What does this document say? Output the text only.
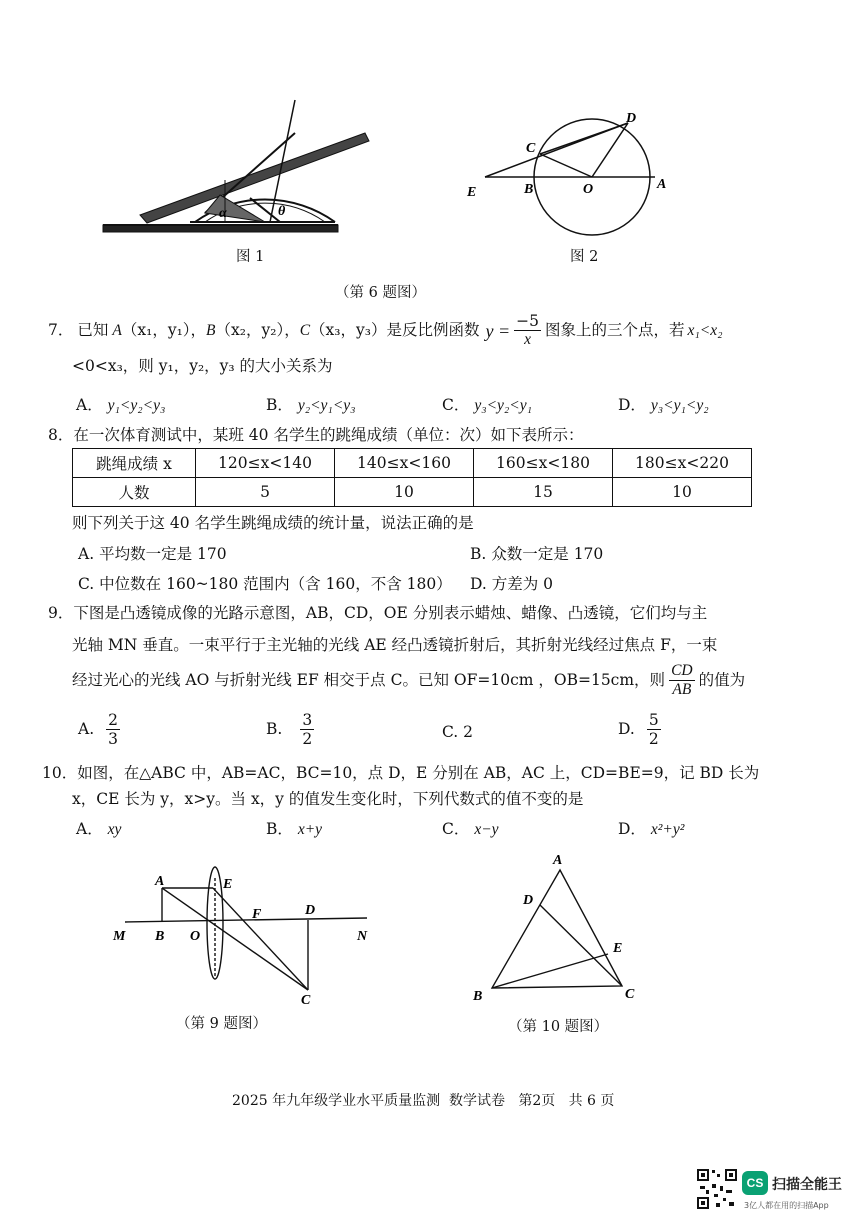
α	θ
C
D
E	B	O	A
图 1	图 2
（第 6 题图）
7． 已知 A （x₁，y₁）， B （x₂，y₂）， C （x₃，y₃） 是反比例函数 $y = \frac{-5}{x}$ 图象上的三个点，若 x₁<x₂
<0<x₃，则 y₁，y₂，y₃ 的大小关系为
A． y₁<y₂<y₃	B． y₂<y₁<y₃	C． y₃<y₂<y₁	D． y₃<y₁<y₂
8．在一次体育测试中，某班 40 名学生的跳绳成绩（单位：次）如下表所示：
跳绳成绩 x	120≤x<140	140≤x<160	160≤x<180	180≤x<220
人数	5	10	15	10
则下列关于这 40 名学生跳绳成绩的统计量，说法正确的是
A. 平均数一定是 170	B. 众数一定是 170
C. 中位数在 160~180 范围内（含 160，不含 180） D. 方差为 0
9．下图是凸透镜成像的光路示意图，AB，CD，OE 分别表示蜡烛、蜡像、凸透镜，它们均与主
光轴 MN 垂直。一束平行于主光轴的光线 AE 经凸透镜折射后，其折射光线经过焦点 F，一束
经过光心的光线 AO 与折射光线 EF 相交于点 C。已知 OF=10cm ，OB=15cm，则 $\frac{CD}{AB}$ 的值为
A. $\frac{2}{3}$	B. $\frac{3}{2}$	C. 2	D. $\frac{5}{2}$
10．如图，在△ABC 中，AB=AC，BC=10，点 D，E 分别在 AB，AC 上，CD=BE=9，记 BD 长为
x，CE 长为 y，x>y。当 x，y 的值发生变化时，下列代数式的值不变的是
A． xy	B． x+y	C． x−y	D． x²+y²
A	E
F	D
M B O	N
C
（第 9 题图）
A
D
E
B	C
（第 10 题图）
2025 年九年级学业水平质量监测  数学试卷   第2页   共 6 页
CS 扫描全能王
3亿人都在用的扫描App
